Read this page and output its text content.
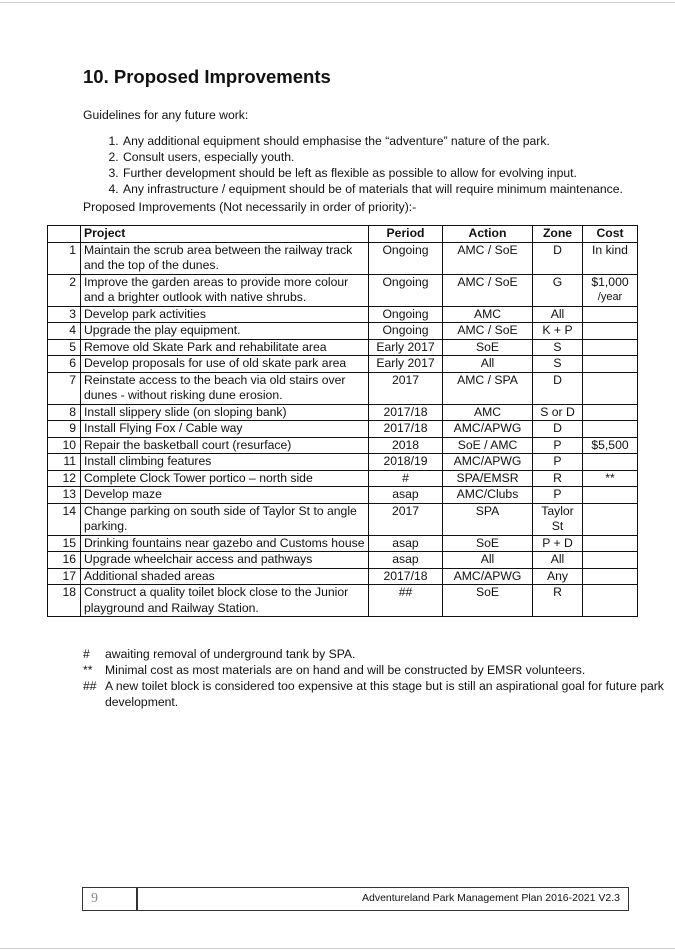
10. Proposed Improvements

Guidelines for any future work:

1. Any additional equipment should emphasise the “adventure” nature of the park.
2. Consult users, especially youth.
3. Further development should be left as flexible as possible to allow for evolving input.
4. Any infrastructure / equipment should be of materials that will require minimum maintenance.

Proposed Improvements (Not necessarily in order of priority):-

	Project	Period	Action	Zone	Cost
1	Maintain the scrub area between the railway track and the top of the dunes.	Ongoing	AMC / SoE	D	In kind

2	Improve the garden areas to provide more colour and a brighter outlook with native shrubs.	Ongoing	AMC / SoE	G	$1,000
/year

3	Develop park activities	Ongoing	AMC	All	

4	Upgrade the play equipment.	Ongoing	AMC / SoE	K + P	

5	Remove old Skate Park and rehabilitate area	Early 2017	SoE	S	

6	Develop proposals for use of old skate park area	Early 2017	All	S	

7	Reinstate access to the beach via old stairs over dunes - without risking dune erosion.	2017	AMC / SPA	D	

8	Install slippery slide (on sloping bank)	2017/18	AMC	S or D	

9	Install Flying Fox / Cable way	2017/18	AMC/APWG	D	

10	Repair the basketball court (resurface)	2018	SoE / AMC	P	$5,500

11	Install climbing features	2018/19	AMC/APWG	P	

12	Complete Clock Tower portico – north side	#	SPA/EMSR	R	**

13	Develop maze	asap	AMC/Clubs	P	

14	Change parking on south side of Taylor St to angle parking.	2017	SPA	Taylor St	

15	Drinking fountains near gazebo and Customs house	asap	SoE	P + D	

16	Upgrade wheelchair access and pathways	asap	All	All	

17	Additional shaded areas	2017/18	AMC/APWG	Any	

18	Construct a quality toilet block close to the Junior playground and Railway Station.	##	SoE	R	
#	awaiting removal of underground tank by SPA.
**	Minimal cost as most materials are on hand and will be constructed by EMSR volunteers.
## A new toilet block is considered too expensive at this stage but is still an aspirational goal for future park development.
9	Adventureland Park Management Plan 2016-2021 V2.3
